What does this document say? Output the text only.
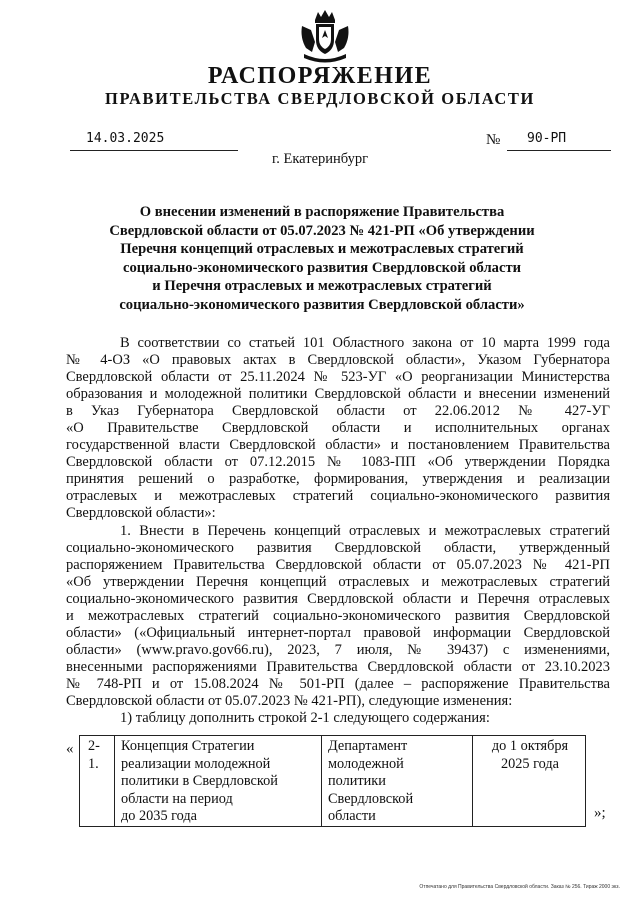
РАСПОРЯЖЕНИЕ
ПРАВИТЕЛЬСТВА СВЕРДЛОВСКОЙ ОБЛАСТИ
14.03.2025	№ 90-РП
г. Екатеринбург
О внесении изменений в распоряжение Правительства
Свердловской области от 05.07.2023 № 421-РП «Об утверждении
Перечня концепций отраслевых и межотраслевых стратегий
социально-экономического развития Свердловской области
и Перечня отраслевых и межотраслевых стратегий
социально-экономического развития Свердловской области»
В соответствии со статьей 101 Областного закона от 10 марта 1999 года
№ 4-ОЗ «О правовых актах в Свердловской области», Указом Губернатора
Свердловской области от 25.11.2024 № 523-УГ «О реорганизации Министерства
образования и молодежной политики Свердловской области и внесении изменений
в Указ Губернатора Свердловской области от 22.06.2012 № 427-УГ
«О Правительстве Свердловской области и исполнительных органах
государственной власти Свердловской области» и постановлением Правительства
Свердловской области от 07.12.2015 № 1083-ПП «Об утверждении Порядка
принятия решений о разработке, формирования, утверждения и реализации
отраслевых и межотраслевых стратегий социально-экономического развития
Свердловской области»:
1. Внести в Перечень концепций отраслевых и межотраслевых стратегий
социально-экономического развития Свердловской области, утвержденный
распоряжением Правительства Свердловской области от 05.07.2023 № 421-РП
«Об утверждении Перечня концепций отраслевых и межотраслевых стратегий
социально-экономического развития Свердловской области и Перечня отраслевых
и межотраслевых стратегий социально-экономического развития Свердловской
области» («Официальный интернет-портал правовой информации Свердловской
области» (www.pravo.gov66.ru), 2023, 7 июля, № 39437) с изменениями,
внесенными распоряжениями Правительства Свердловской области от 23.10.2023
№ 748-РП и от 15.08.2024 № 501-РП (далее – распоряжение Правительства
Свердловской области от 05.07.2023 № 421-РП), следующие изменения:
1) таблицу дополнить строкой 2-1 следующего содержания:
« 2-1.	
Концепция Стратегии
реализации молодежной
политики в Свердловской
области на период
до 2035 года

Департамент
молодежной
политики
Свердловской
области

до 1 октября
2025 года
»;
Отпечатано для Правительства Свердловской области. Заказ № 256. Тираж 2000 экз.
